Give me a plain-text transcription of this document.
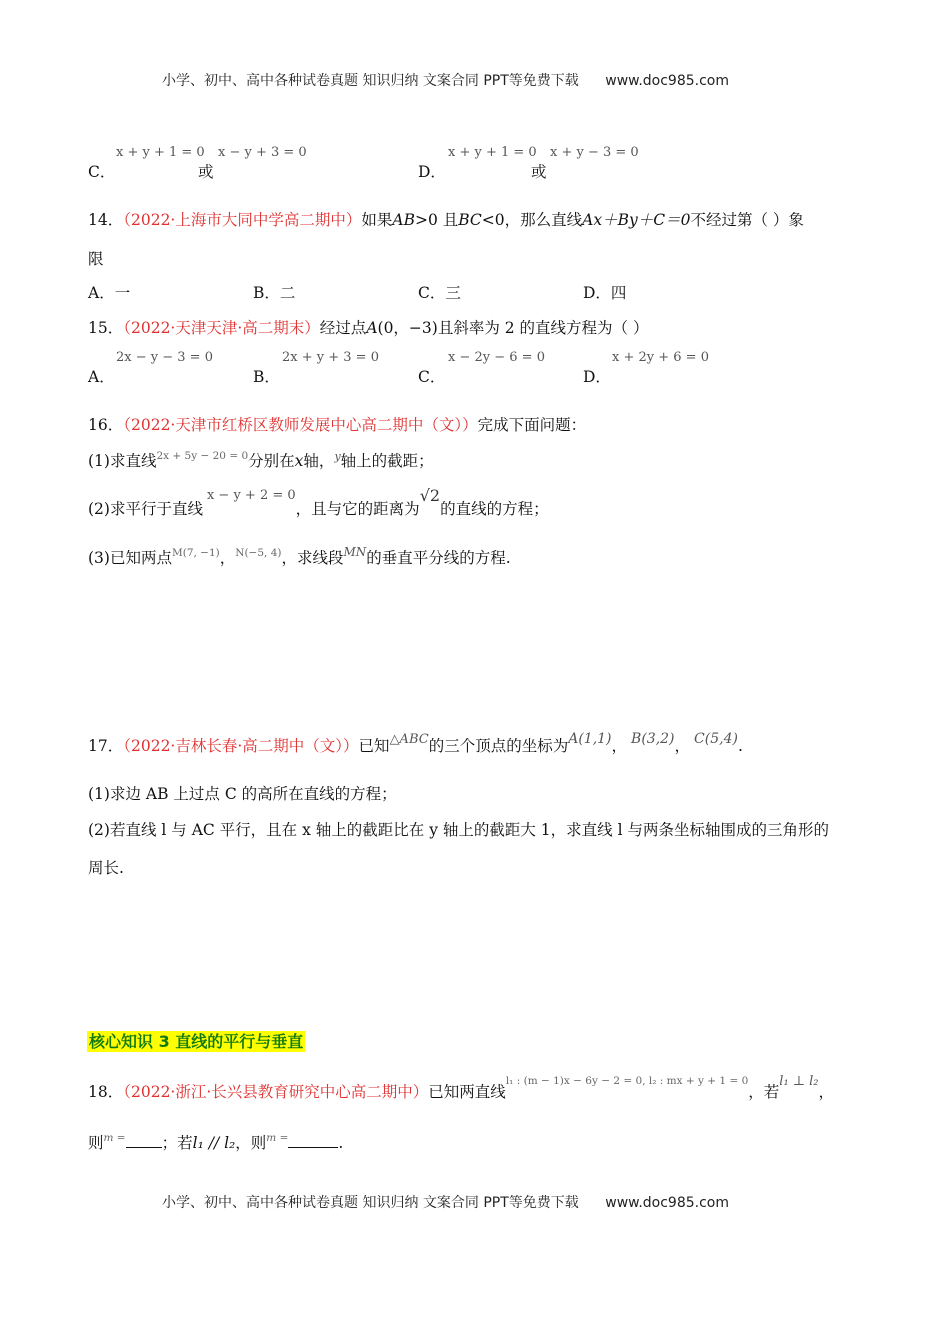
小学、初中、高中各种试卷真题 知识归纳 文案合同 PPT等免费下载 www.doc985.com
C．
x + y + 1 = 0
或
x − y + 3 = 0
D．
x + y + 1 = 0
或
x + y − 3 = 0
14．（2022·上海市大同中学高二期中）如果AB>0 且BC<0，那么直线Ax＋By＋C＝0不经过第（ ）象
限
A．一	B．二	C．三	D．四
15．（2022·天津天津·高二期末）经过点A(0，−3)且斜率为 2 的直线方程为（ ）
A．
2x − y − 3 = 0
B．
2x + y + 3 = 0
C．
x − 2y − 6 = 0
D．
x + 2y + 6 = 0
16．（2022·天津市红桥区教师发展中心高二期中（文））完成下面问题：
(1)求直线$^{2x + 5y - 20 = 0}$分别在x轴，$^y$轴上的截距；
(2)求平行于直线$^{x - y + 2 = 0}$，且与它的距离为√2的直线的方程；
(3)已知两点$^{M(7, -1)}$，$^{N(-5, 4)}$，求线段$^{MN}$的垂直平分线的方程.
17．（2022·吉林长春·高二期中（文））已知$^{\triangle ABC}$的三个顶点的坐标为A(1,1)， B(3,2)， C(5,4).
(1)求边 AB 上过点 C 的高所在直线的方程；
(2)若直线 l 与 AC 平行，且在 x 轴上的截距比在 y 轴上的截距大 1，求直线 l 与两条坐标轴围成的三角形的
周长.
核心知识 3 直线的平行与垂直
18．（2022·浙江·长兴县教育研究中心高二期中）已知两直线$^{l_1 : (m - 1)x - 6y - 2 = 0, l_2 : mx + y + 1 = 0}$，若$^{l_1 \perp l_2}$，
则$^{m =}$ ；若l₁ // l₂，则$^{m =}$	.
小学、初中、高中各种试卷真题 知识归纳 文案合同 PPT等免费下载 www.doc985.com
